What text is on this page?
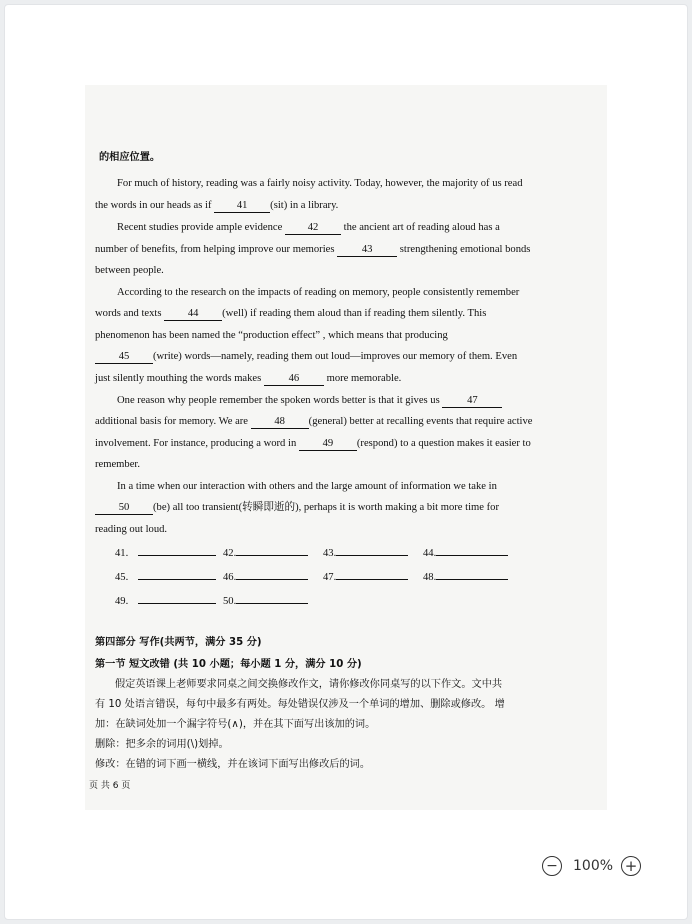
的相应位置。
For much of history, reading was a fairly noisy activity. Today, however, the majority of us read
the words in our heads as if 41 (sit) in a library.
Recent studies provide ample evidence 42 the ancient art of reading aloud has a
number of benefits, from helping improve our memories	43	strengthening emotional bonds
between people.
According to the research on the impacts of reading on memory, people consistently remember
words and texts 44 (well) if reading them aloud than if reading them silently. This
phenomenon has been named the “production effect” , which means that producing
45 (write) words—namely, reading them out loud—improves our memory of them. Even
just silently mouthing the words makes	46	more memorable.
One reason why people remember the spoken words better is that it gives us	47
additional basis for memory. We are 48 (general) better at recalling events that require active
involvement. For instance, producing a word in 49 (respond) to a question makes it easier to
remember.
In a time when our interaction with others and the large amount of information we take in
50 (be) all too transient(转瞬即逝的), perhaps it is worth making a bit more time for
reading out loud.
41.	42.	43.	44.
45.	46.	47.	48.
49.	50.
第四部分 写作(共两节，满分 35 分)
第一节 短文改错 (共 10 小题；每小题 1 分，满分 10 分)
假定英语课上老师要求同桌之间交换修改作文，请你修改你同桌写的以下作文。文中共
有 10 处语言错误，每句中最多有两处。每处错误仅涉及一个单词的增加、删除或修改。 增
加：在缺词处加一个漏字符号(∧)，并在其下面写出该加的词。
删除：把多余的词用(\)划掉。
修改：在错的词下画一横线，并在该词下面写出修改后的词。
页 共 6 页
− 100% +
